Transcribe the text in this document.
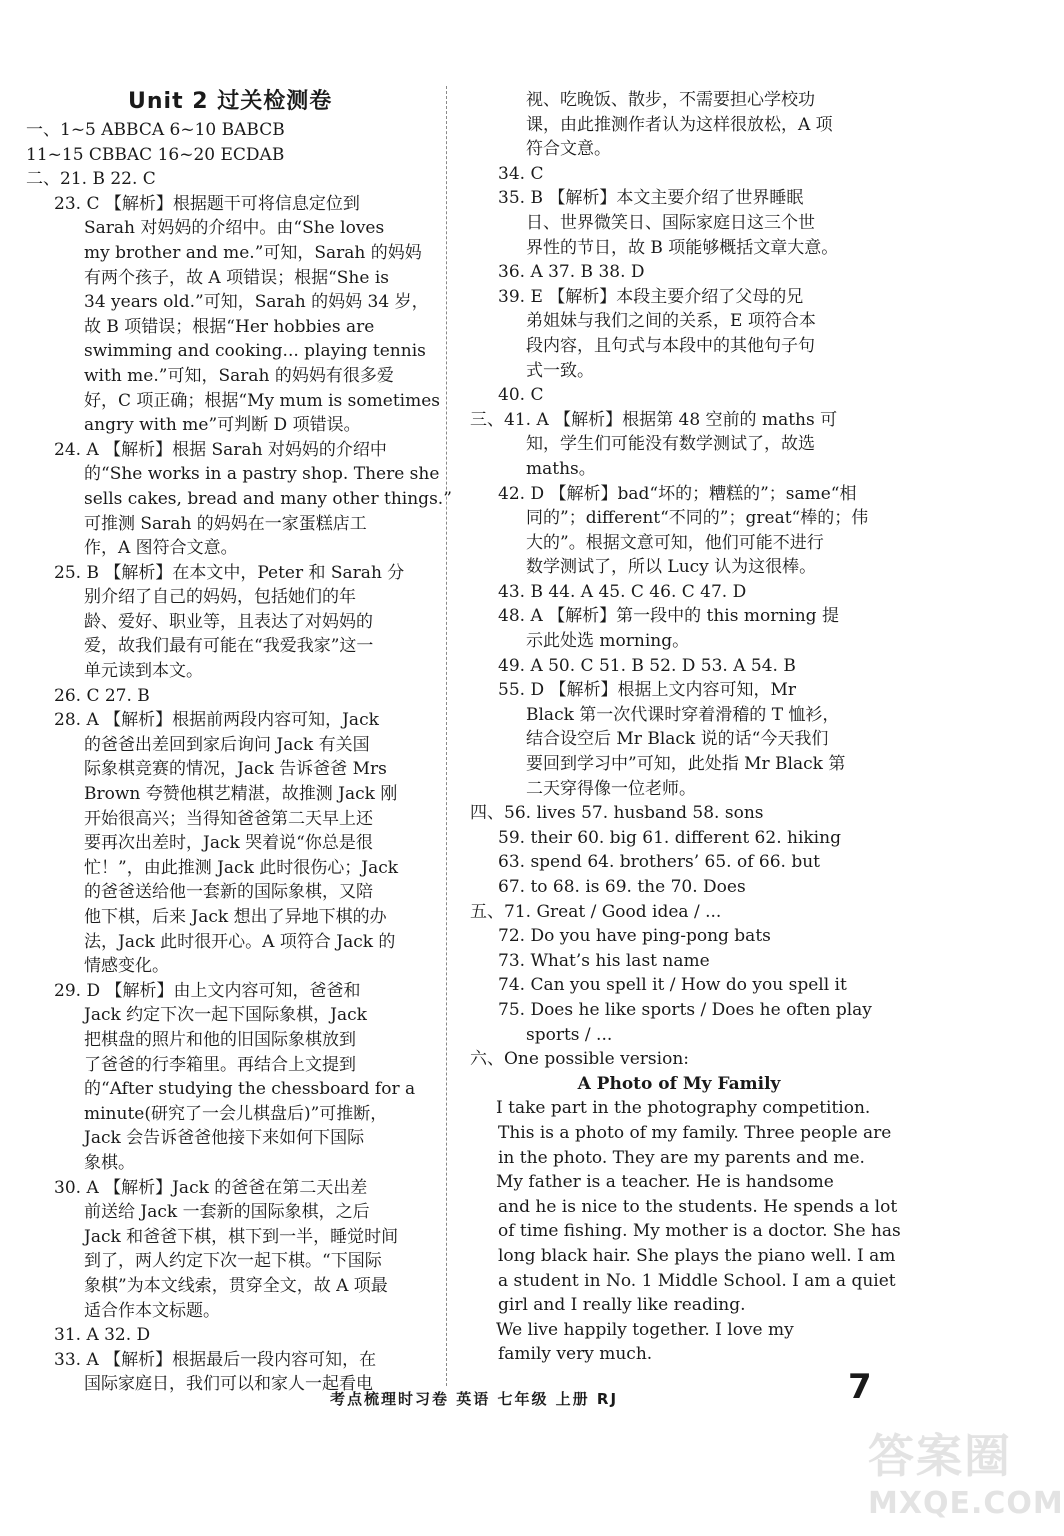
Unit 2 过关检测卷
一、1~5 ABBCA 6~10 BABCB
11~15 CBBAC 16~20 ECDAB
二、21. B 22. C
23. C 【解析】根据题干可将信息定位到
Sarah 对妈妈的介绍中。由“She loves
my brother and me.”可知，Sarah 的妈妈
有两个孩子，故 A 项错误；根据“She is
34 years old.”可知，Sarah 的妈妈 34 岁，
故 B 项错误；根据“Her hobbies are
swimming and cooking... playing tennis
with me.”可知，Sarah 的妈妈有很多爱
好，C 项正确；根据“My mum is sometimes
angry with me”可判断 D 项错误。
24. A 【解析】根据 Sarah 对妈妈的介绍中
的“She works in a pastry shop. There she
sells cakes, bread and many other things.”
可推测 Sarah 的妈妈在一家蛋糕店工
作，A 图符合文意。
25. B 【解析】在本文中，Peter 和 Sarah 分
别介绍了自己的妈妈，包括她们的年
龄、爱好、职业等，且表达了对妈妈的
爱，故我们最有可能在“我爱我家”这一
单元读到本文。
26. C 27. B
28. A 【解析】根据前两段内容可知，Jack
的爸爸出差回到家后询问 Jack 有关国
际象棋竞赛的情况，Jack 告诉爸爸 Mrs
Brown 夸赞他棋艺精湛，故推测 Jack 刚
开始很高兴；当得知爸爸第二天早上还
要再次出差时，Jack 哭着说“你总是很
忙！”，由此推测 Jack 此时很伤心；Jack
的爸爸送给他一套新的国际象棋，又陪
他下棋，后来 Jack 想出了异地下棋的办
法，Jack 此时很开心。A 项符合 Jack 的
情感变化。
29. D 【解析】由上文内容可知，爸爸和
Jack 约定下次一起下国际象棋，Jack
把棋盘的照片和他的旧国际象棋放到
了爸爸的行李箱里。再结合上文提到
的“After studying the chessboard for a
minute(研究了一会儿棋盘后)”可推断，
Jack 会告诉爸爸他接下来如何下国际
象棋。
30. A 【解析】Jack 的爸爸在第二天出差
前送给 Jack 一套新的国际象棋，之后
Jack 和爸爸下棋，棋下到一半，睡觉时间
到了，两人约定下次一起下棋。“下国际
象棋”为本文线索，贯穿全文，故 A 项最
适合作本文标题。
31. A 32. D
33. A 【解析】根据最后一段内容可知，在
国际家庭日，我们可以和家人一起看电
视、吃晚饭、散步，不需要担心学校功
课，由此推测作者认为这样很放松，A 项
符合文意。
34. C
35. B 【解析】本文主要介绍了世界睡眠
日、世界微笑日、国际家庭日这三个世
界性的节日，故 B 项能够概括文章大意。
36. A 37. B 38. D
39. E 【解析】本段主要介绍了父母的兄
弟姐妹与我们之间的关系，E 项符合本
段内容，且句式与本段中的其他句子句
式一致。
40. C
三、41. A 【解析】根据第 48 空前的 maths 可
知，学生们可能没有数学测试了，故选
maths。
42. D 【解析】bad“坏的；糟糕的”；same“相
同的”；different“不同的”；great“棒的；伟
大的”。根据文意可知，他们可能不进行
数学测试了，所以 Lucy 认为这很棒。
43. B 44. A 45. C 46. C 47. D
48. A 【解析】第一段中的 this morning 提
示此处选 morning。
49. A 50. C 51. B 52. D 53. A 54. B
55. D 【解析】根据上文内容可知，Mr
Black 第一次代课时穿着滑稽的 T 恤衫，
结合设空后 Mr Black 说的话“今天我们
要回到学习中”可知，此处指 Mr Black 第
二天穿得像一位老师。
四、56. lives 57. husband 58. sons
59. their 60. big 61. different 62. hiking
63. spend 64. brothers’ 65. of 66. but
67. to 68. is 69. the 70. Does
五、71. Great / Good idea / ...
72. Do you have ping-pong bats
73. What’s his last name
74. Can you spell it / How do you spell it
75. Does he like sports / Does he often play
sports / ...
六、One possible version:
A Photo of My Family
I take part in the photography competition.
This is a photo of my family. Three people are
in the photo. They are my parents and me.
My father is a teacher. He is handsome
and he is nice to the students. He spends a lot
of time fishing. My mother is a doctor. She has
long black hair. She plays the piano well. I am
a student in No. 1 Middle School. I am a quiet
girl and I really like reading.
We live happily together. I love my
family very much.
考点梳理时习卷 英语 七年级 上册 RJ	7
答案圈
MXQE.COM
